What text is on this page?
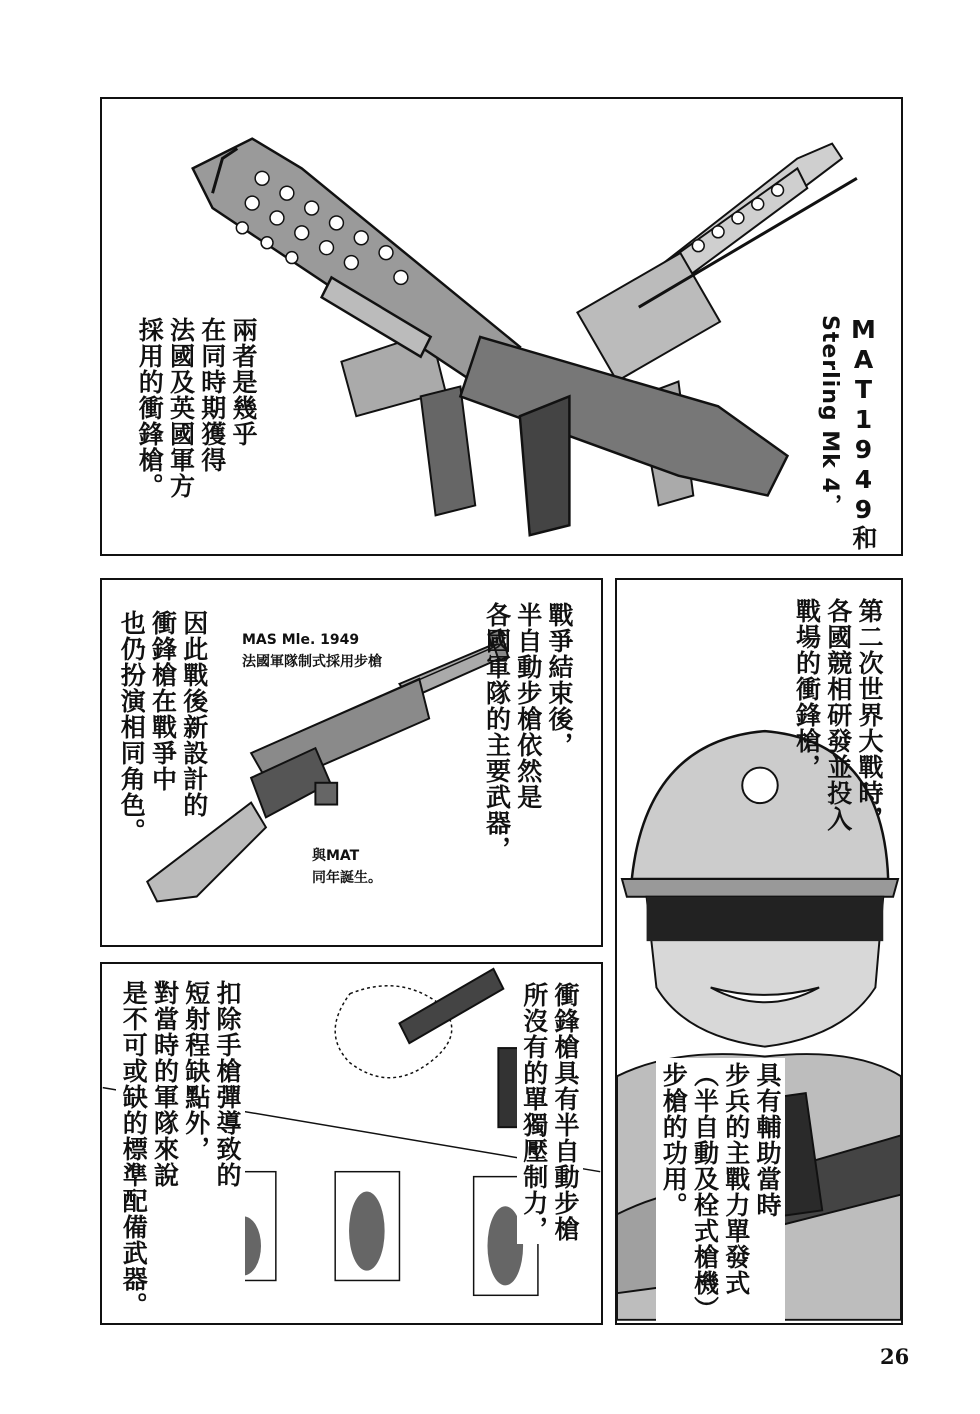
MAT1949和
Sterling Mk 4，
兩者是幾乎
在同時期獲得
法國及英國軍方
採用的衝鋒槍。
戰爭結束後，
半自動步槍依然是
各國軍隊的主要武器，
因此戰後新設計的
衝鋒槍在戰爭中
也仍扮演相同角色。	MAS Mle. 1949
法國軍隊制式採用步槍
與MAT
同年誕生。
第二次世界大戰時，
各國競相研發並投入
戰場的衝鋒槍，
具有輔助當時
步兵的主戰力單發式
（半自動及栓式槍機）
步槍的功用。
衝鋒槍具有半自動步槍
所沒有的單獨壓制力，
扣除手槍彈導致的
短射程缺點外，
對當時的軍隊來說
是不可或缺的標準配備武器。
26
